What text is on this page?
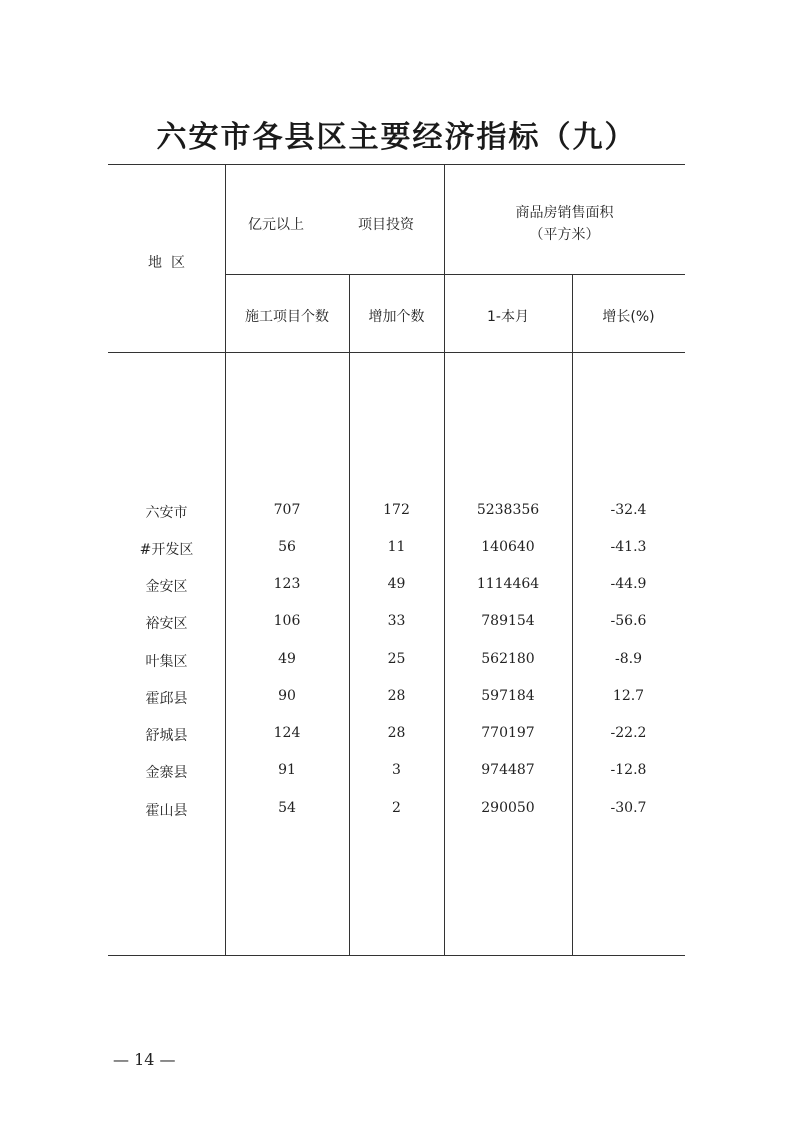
六安市各县区主要经济指标（九）
地  区
亿元以上	项目投资
商品房销售面积
（平方米）
施工项目个数	增加个数	1-本月	增长(%)
六安市	707	172	5238356	-32.4
#开发区	56	11	140640	-41.3
金安区	123	49	1114464	-44.9
裕安区	106	33	789154	-56.6
叶集区	49	25	562180	-8.9
霍邱县	90	28	597184	12.7
舒城县	124	28	770197	-22.2
金寨县	91	3	974487	-12.8
霍山县	54	2	290050	-30.7
— 14 —
